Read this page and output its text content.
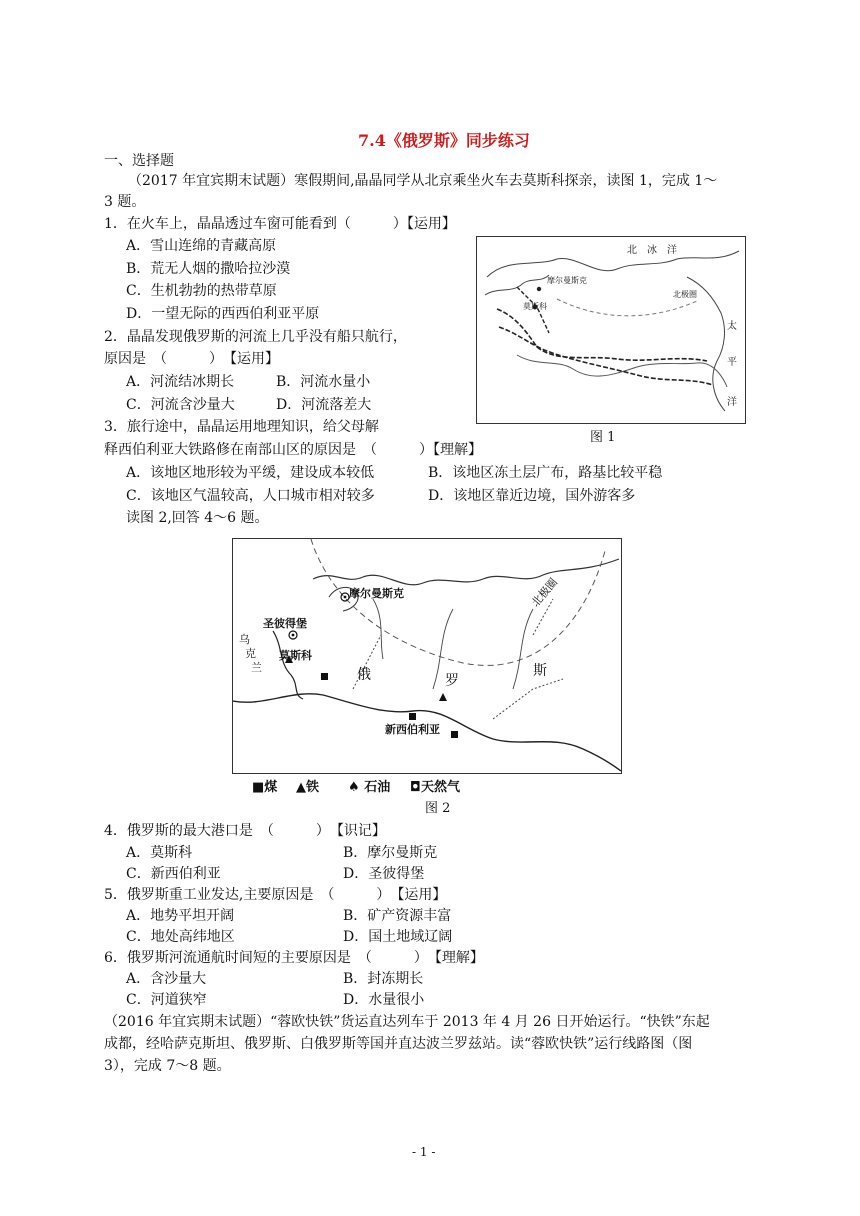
7.4《俄罗斯》同步练习
一、选择题
（2017 年宜宾期末试题）寒假期间,晶晶同学从北京乘坐火车去莫斯科探亲，读图 1，完成 1～
3 题。
1．在火车上，晶晶透过车窗可能看到（　　　）【运用】
A．雪山连绵的青藏高原
B．荒无人烟的撒哈拉沙漠
C．生机勃勃的热带草原
D．一望无际的西西伯利亚平原
2．晶晶发现俄罗斯的河流上几乎没有船只航行，
原因是　（　　　）　【运用】
A．河流结冰期长	B．河流水量小
C．河流含沙量大	D．河流落差大
3．旅行途中，晶晶运用地理知识，给父母解
释西伯利亚大铁路修在南部山区的原因是　（　　　）【理解】
A．该地区地形较为平缓，建设成本较低	B．该地区冻土层广布，路基比较平稳
C．该地区气温较高，人口城市相对较多	D．该地区靠近边境，国外游客多
读图 2,回答 4～6 题。
北　冰　洋
摩尔曼斯克
莫斯科
北极圈
太
平
洋
图 1
摩尔曼斯克
圣彼得堡
乌
克
兰
莫斯科
俄	罗
斯
北极圈
新西伯利亚
■煤 ▲铁 ♠ 石油 ◘天然气
图 2
4．俄罗斯的最大港口是　（　　　）　【识记】
A．莫斯科	B．摩尔曼斯克
C．新西伯利亚	D．圣彼得堡
5．俄罗斯重工业发达,主要原因是　（　　　）　【运用】
A．地势平坦开阔	B．矿产资源丰富
C．地处高纬地区	D．国土地域辽阔
6．俄罗斯河流通航时间短的主要原因是　（　　　）　【理解】
A．含沙量大	B．封冻期长
C．河道狭窄	D．水量很小
（2016 年宜宾期末试题）“蓉欧快铁”货运直达列车于 2013 年 4 月 26 日开始运行。“快铁”东起
成都，经哈萨克斯坦、俄罗斯、白俄罗斯等国并直达波兰罗兹站。读“蓉欧快铁”运行线路图（图
3），完成 7～8 题。
- 1 -
